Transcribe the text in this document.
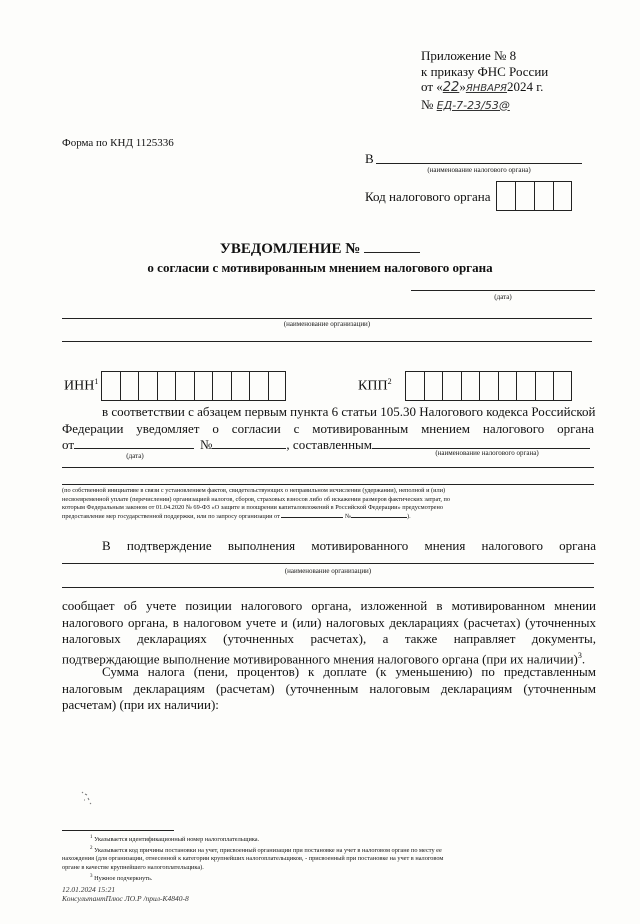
Приложение № 8
к приказу ФНС России
от «22»ЯНВАРЯ2024 г.
№ ЕД-7-23/53@
Форма по КНД 1125336
В
(наименование налогового органа)
Код налогового органа
УВЕДОМЛЕНИЕ №
о согласии с мотивированным мнением налогового органа
(дата)
(наименование организации)
ИНН$^1$	КПП$^2$
в соответствии с абзацем первым пункта 6 статьи 105.30 Налогового кодекса Российской
Федерации уведомляет о согласии с мотивированным мнением налогового органа
от	№	, составленным
(дата)	(наименование налогового органа)
(по собственной инициативе в связи с установлением фактов, свидетельствующих о неправильном исчислении (удержании), неполной и (или)
несвоевременной уплате (перечислении) организацией налогов, сборов, страховых взносов либо об искажении размеров фактических затрат, по
которым Федеральным законом от 01.04.2020 № 69-ФЗ «О защите и поощрении капиталовложений в Российской Федерации» предусмотрено
предоставление мер государственной поддержки, или по запросу организации от	№	).
В подтверждение выполнения мотивированного мнения налогового органа
(наименование организации)
сообщает об учете позиции налогового органа, изложенной в мотивированном мнении
налогового органа, в налоговом учете и (или) налоговых декларациях (расчетах) (уточненных
налоговых декларациях (уточненных расчетах), а также направляет документы,
подтверждающие выполнение мотивированного мнения налогового органа (при их наличии)$^3$.
Сумма налога (пени, процентов) к доплате (к уменьшению) по представленным
налоговым декларациям (расчетам) (уточненным налоговым декларациям (уточненным
расчетам) (при их наличии):
$^1$ Указывается идентификационный номер налогоплательщика.
$^2$ Указывается код причины постановки на учет, присвоенный организации при постановке на учет в налоговом органе по месту ее
нахождения (для организации, отнесенной к категории крупнейших налогоплательщиков, - присвоенный при постановке на учет в налоговом
органе в качестве крупнейшего налогоплательщика).
$^3$ Нужное подчеркнуть.
12.01.2024 15:21
КонсультантПлюс ЛО.Р /прил-К4840-8
